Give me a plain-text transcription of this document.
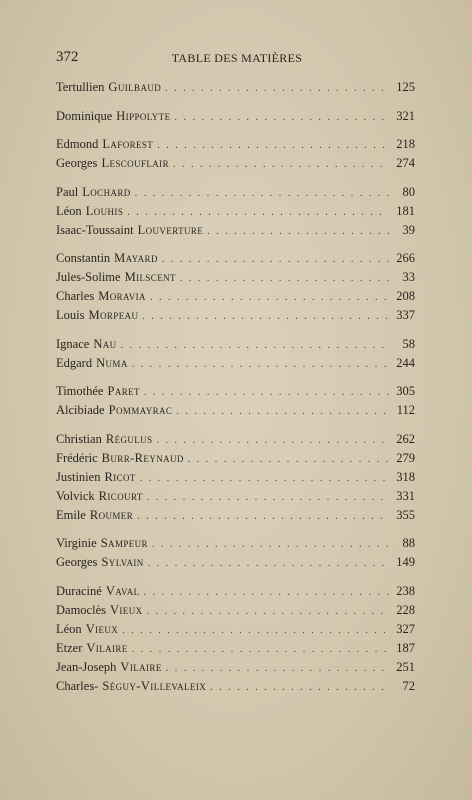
372	TABLE DES MATIÈRES
Tertullien Guilbaud . . .	125
Dominique Hippolyte . . .	321
Edmond Laforest . . .	218
Georges Lescouflair . . .	274
Paul Lochard . . .	80
Léon Louhis . . .	181
Isaac-Toussaint Louverture . . .	39
Constantin Mayard . . .	266
Jules-Solime Milscent . . .	33
Charles Moravia . . .	208
Louis Morpeau . . .	337
Ignace Nau . . .	58
Edgard Numa . . .	244
Timothée Paret . . .	305
Alcibiade Pommayrac . . .	112
Christian Régulus . . .	262
Frédéric Burr-Reynaud . . .	279
Justinien Ricot . . .	318
Volvick Ricourt . . .	331
Emile Roumer . . .	355
Virginie Sampeur . . .	88
Georges Sylvain . . .	149
Duraciné Vaval . . .	238
Damoclès Vieux . . .	228
Léon Vieux . . .	327
Etzer Vilaire . . .	187
Jean-Joseph Vilaire . . .	251
Charles- Séguy-Villevaleix . . .	72
